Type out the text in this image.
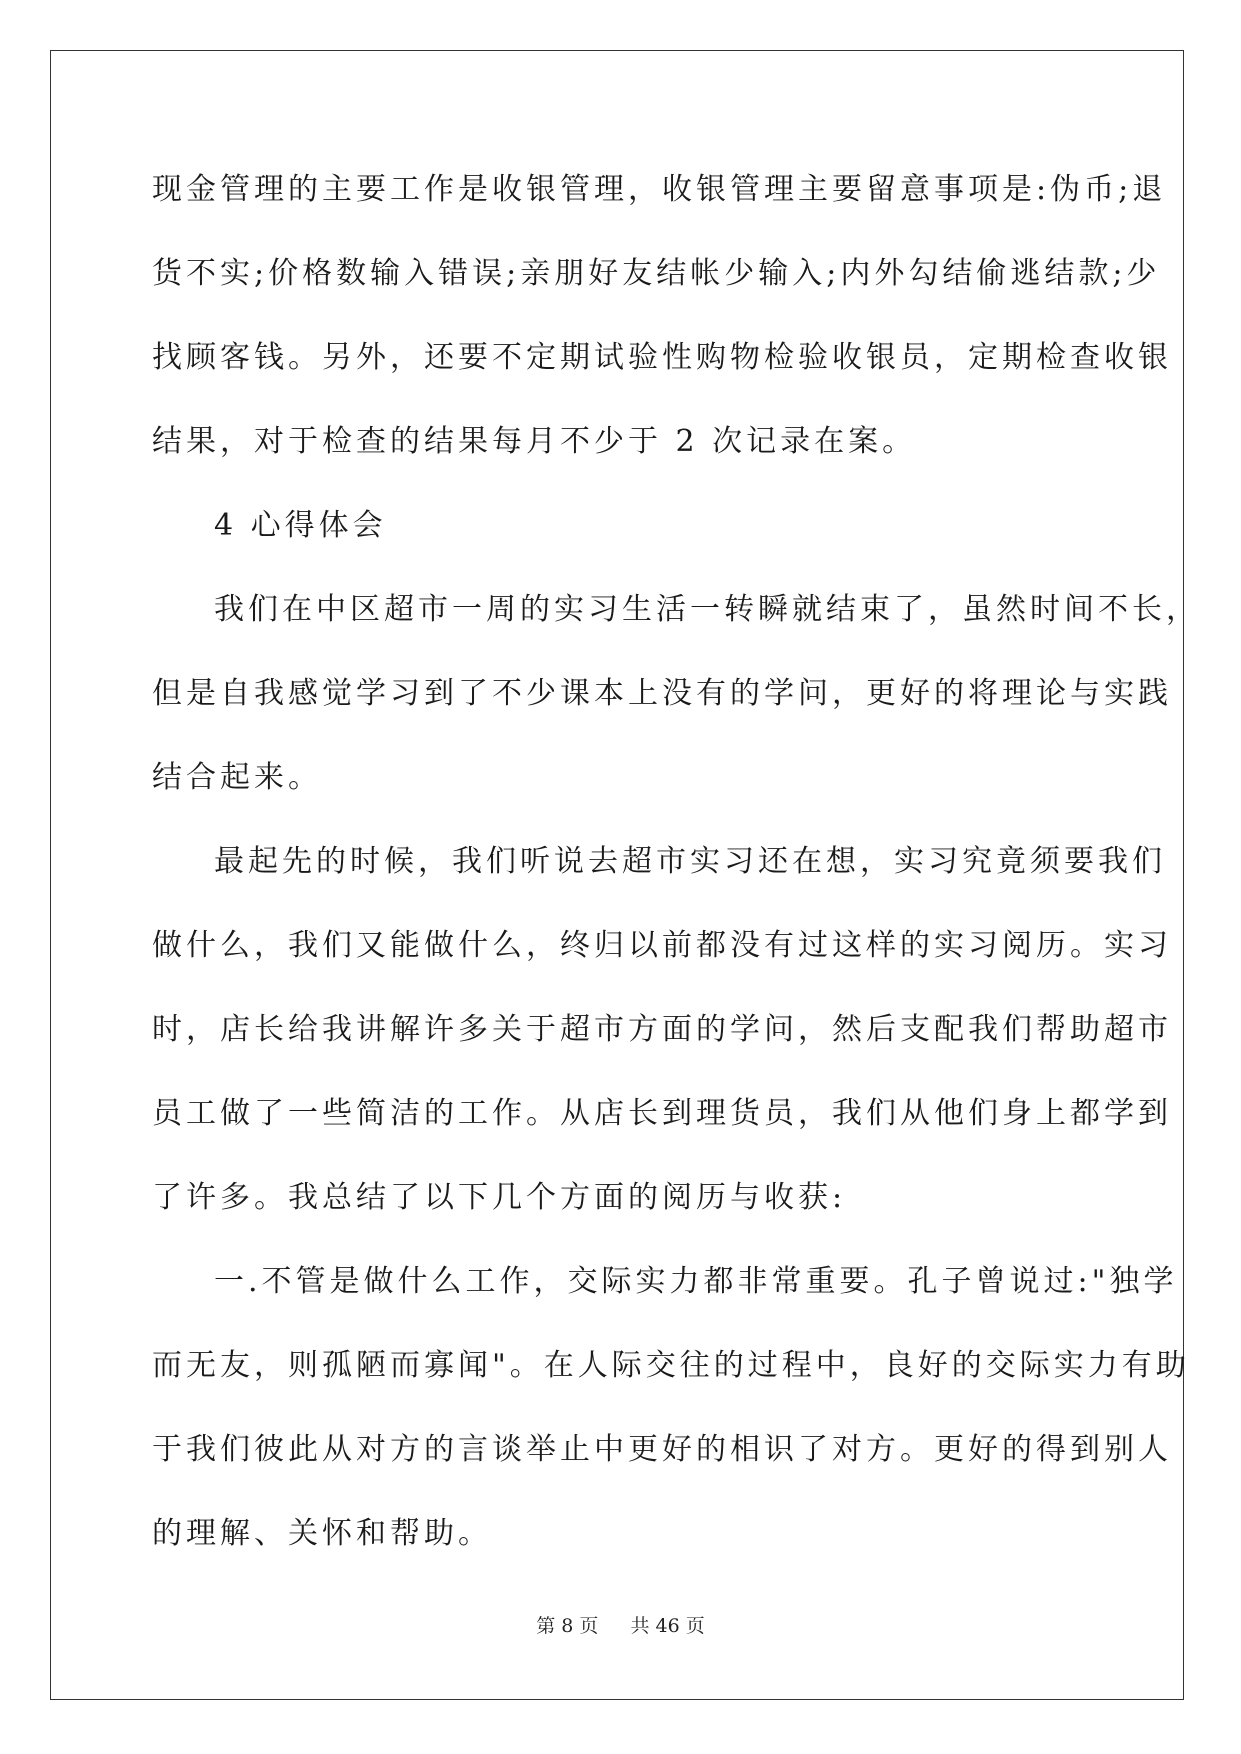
现金管理的主要工作是收银管理，收银管理主要留意事项是:伪币;退
货不实;价格数输入错误;亲朋好友结帐少输入;内外勾结偷逃结款;少
找顾客钱。另外，还要不定期试验性购物检验收银员，定期检查收银
结果，对于检查的结果每月不少于 2 次记录在案。
4 心得体会
我们在中区超市一周的实习生活一转瞬就结束了，虽然时间不长，
但是自我感觉学习到了不少课本上没有的学问，更好的将理论与实践
结合起来。
最起先的时候，我们听说去超市实习还在想，实习究竟须要我们
做什么，我们又能做什么，终归以前都没有过这样的实习阅历。实习
时，店长给我讲解许多关于超市方面的学问，然后支配我们帮助超市
员工做了一些简洁的工作。从店长到理货员，我们从他们身上都学到
了许多。我总结了以下几个方面的阅历与收获:
一.不管是做什么工作，交际实力都非常重要。孔子曾说过:"独学
而无友，则孤陋而寡闻"。在人际交往的过程中，良好的交际实力有助
于我们彼此从对方的言谈举止中更好的相识了对方。更好的得到别人
的理解、关怀和帮助。
第 8 页 共 46 页
